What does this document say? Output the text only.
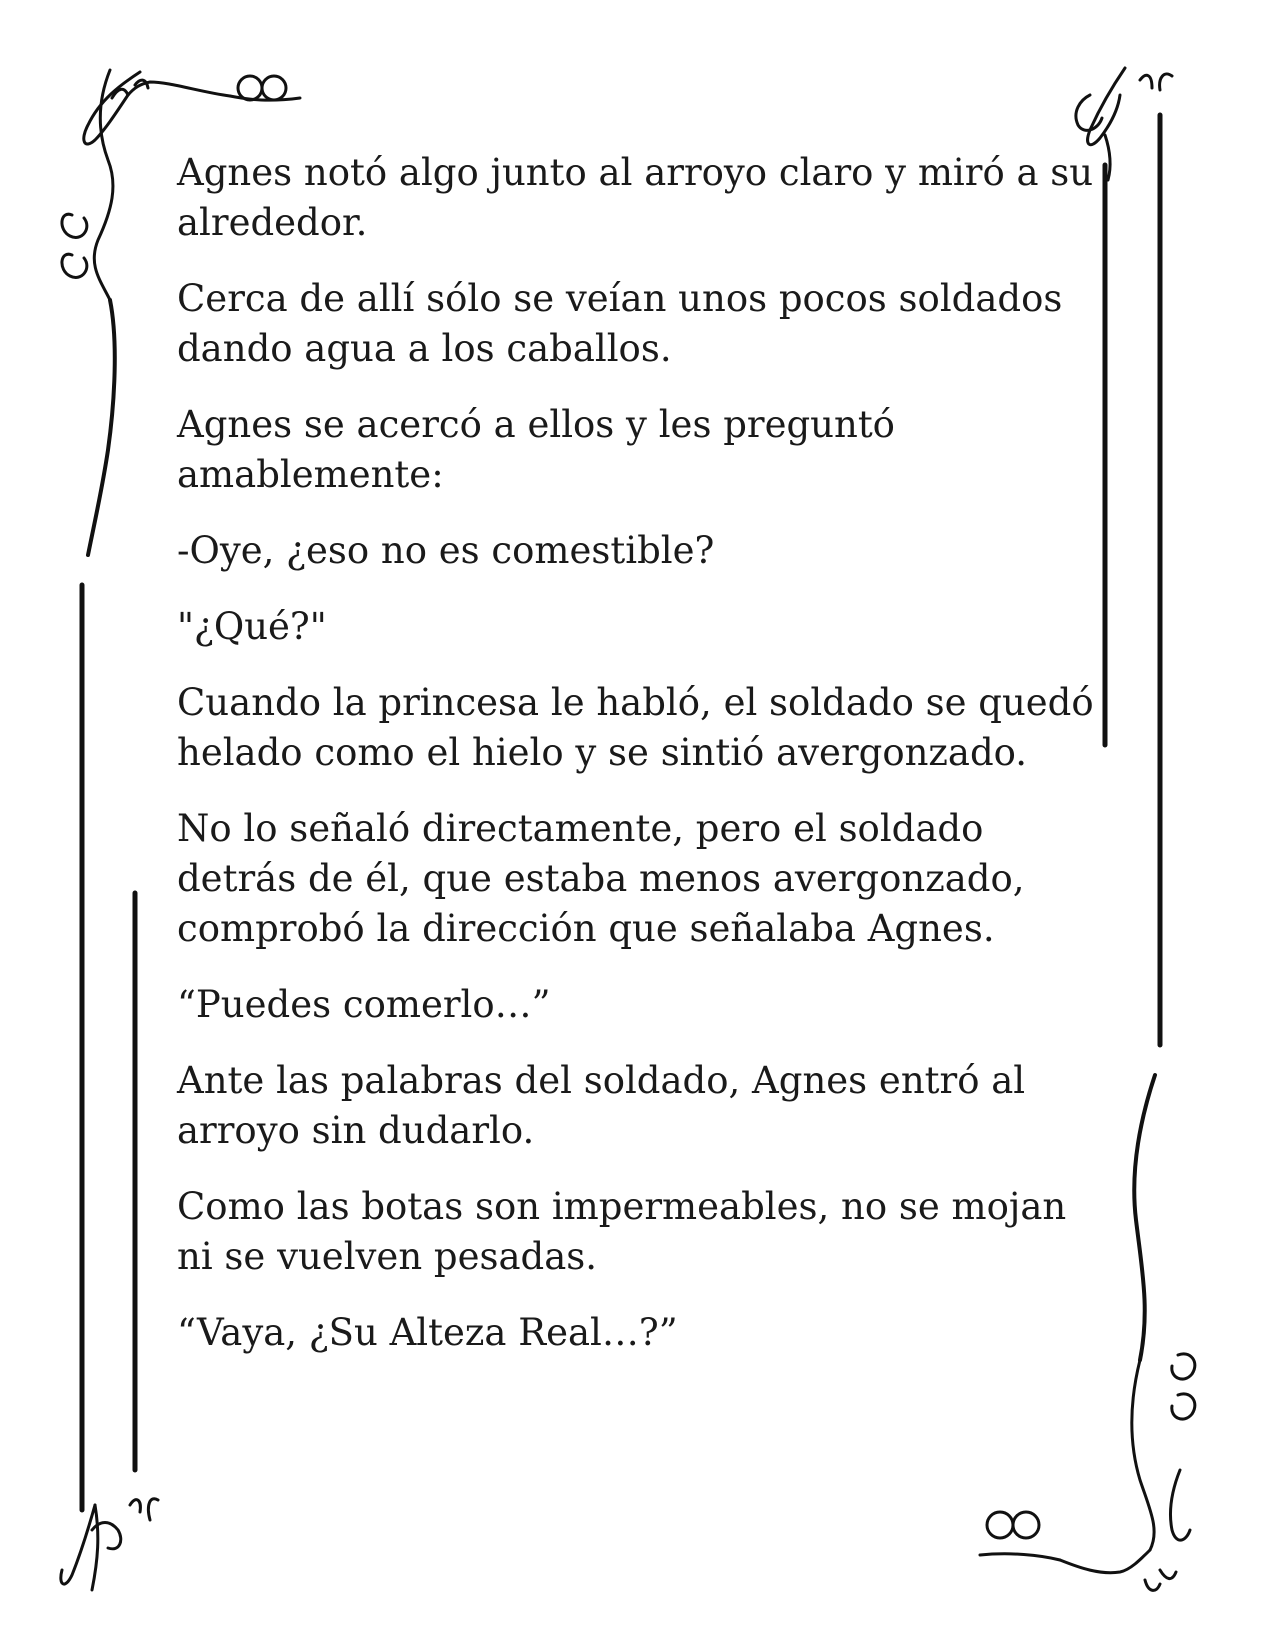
Agnes notó algo junto al arroyo claro y miró a su alrededor.

Cerca de allí sólo se veían unos pocos soldados dando agua a los caballos.

Agnes se acercó a ellos y les preguntó amablemente:

-Oye, ¿eso no es comestible?

"¿Qué?"

Cuando la princesa le habló, el soldado se quedó helado como el hielo y se sintió avergonzado.

No lo señaló directamente, pero el soldado detrás de él, que estaba menos avergonzado, comprobó la dirección que señalaba Agnes.

“Puedes comerlo…”

Ante las palabras del soldado, Agnes entró al arroyo sin dudarlo.

Como las botas son impermeables, no se mojan ni se vuelven pesadas.

“Vaya, ¿Su Alteza Real…?”
